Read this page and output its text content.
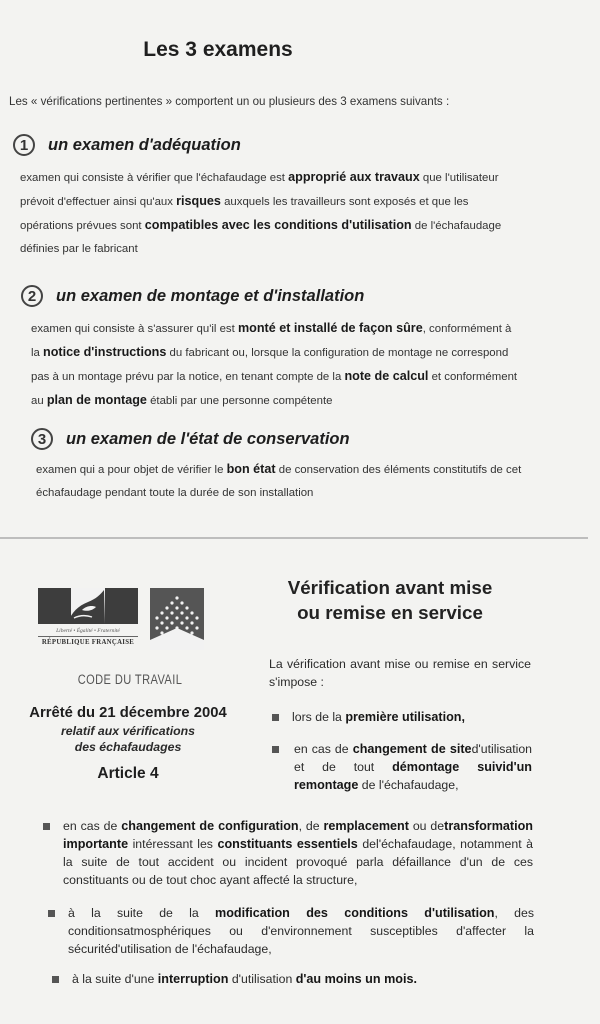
Les 3 examens
Les « vérifications pertinentes » comportent un ou plusieurs des 3 examens suivants :
1	un examen d'adéquation
examen qui consiste à vérifier que l'échafaudage est approprié aux travaux que l'utilisateur
prévoit d'effectuer ainsi qu'aux risques auxquels les travailleurs sont exposés et que les
opérations prévues sont compatibles avec les conditions d'utilisation de l'échafaudage
définies par le fabricant
2	un examen de montage et d'installation
examen qui consiste à s'assurer qu'il est monté et installé de façon sûre, conformément à
la notice d'instructions du fabricant ou, lorsque la configuration de montage ne correspond
pas à un montage prévu par la notice, en tenant compte de la note de calcul et conformément
au plan de montage établi par une personne compétente
3	un examen de l'état de conservation
examen qui a pour objet de vérifier le bon état de conservation des éléments constitutifs de cet
échafaudage pendant toute la durée de son installation
Liberté • Égalité • Fraternité
RÉPUBLIQUE FRANÇAISE
CODE DU TRAVAIL
Arrêté du 21 décembre 2004
relatif aux vérifications
des échafaudages
Article 4
Vérification avant mise
ou remise en service
La vérification avant mise ou remise en service s'impose :
lors de la première utilisation,
en cas de changement de sited'utilisation et de tout démontage suivid'un remontage de l'échafaudage,
en cas de changement de configuration, de remplacement ou detransformation importante intéressant les constituants essentiels del'échafaudage, notamment à la suite de tout accident ou incident provoqué parla défaillance d'un de ces constituants ou de tout choc ayant affecté la structure,
à la suite de la modification des conditions d'utilisation, des conditionsatmosphériques ou d'environnement susceptibles d'affecter la sécuritéd'utilisation de l'échafaudage,
à la suite d'une interruption d'utilisation d'au moins un mois.
